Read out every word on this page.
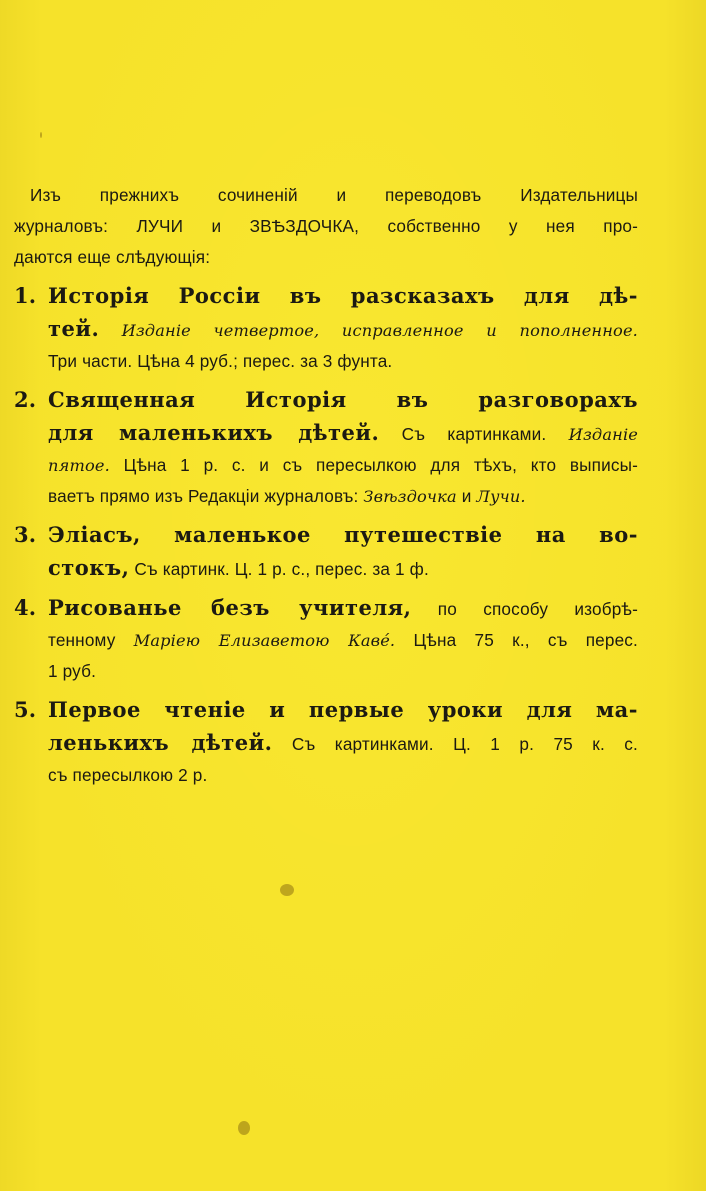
Изъ прежнихъ сочиненiй и переводовъ Издательницы
журналовъ: ЛУЧИ и ЗВѢЗДОЧКА, собственно у нея про-
даются еще слѣдующiя:
1. Исторiя Россiи въ разсказахъ для дѣ-
тей. Изданiе четвертое, исправленное и пополненное.
Три части. Цѣна 4 руб.; перес. за 3 фунта.
2. Священная Исторiя въ разговорахъ
для маленькихъ дѣтей. Съ картинками. Изданiе
пятое. Цѣна 1 р. с. и съ пересылкою для тѣхъ, кто выписы-
ваетъ прямо изъ Редакцiи журналовъ: Звѣздочка и Лучи.
3. Элiасъ, маленькое путешествiе на во-
стокъ, Съ картинк. Ц. 1 р. с., перес. за 1 ф.
4. Рисованье безъ учителя, по способу изобрѣ-
тенному Марiею Елизаветою Кавé. Цѣна 75 к., съ перес.
1 руб.
5. Первое чтенiе и первые уроки для ма-
ленькихъ дѣтей. Съ картинками. Ц. 1 р. 75 к. с.
съ пересылкою 2 р.
